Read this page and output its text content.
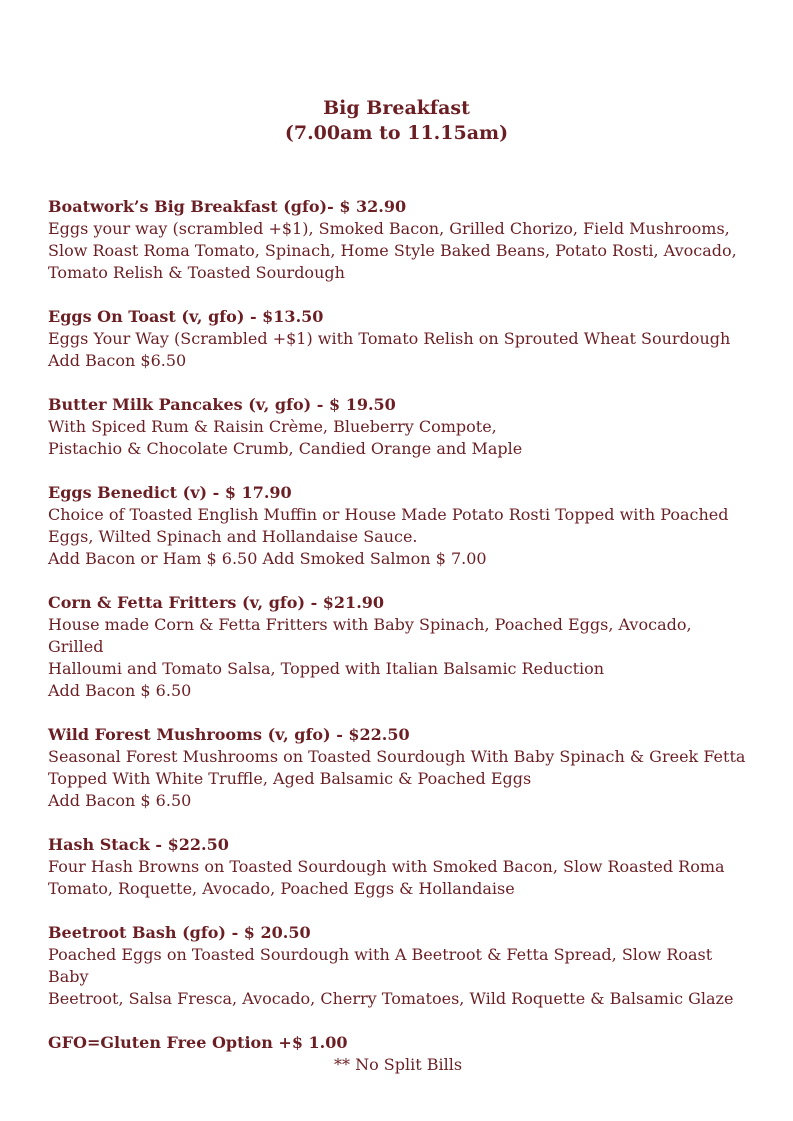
Big Breakfast
(7.00am to 11.15am)
Boatwork’s Big Breakfast (gfo)- $ 32.90
Eggs your way (scrambled +$1), Smoked Bacon, Grilled Chorizo, Field Mushrooms,
Slow Roast Roma Tomato, Spinach, Home Style Baked Beans, Potato Rosti, Avocado,
Tomato Relish & Toasted Sourdough
Eggs On Toast (v, gfo) - $13.50
Eggs Your Way (Scrambled +$1) with Tomato Relish on Sprouted Wheat Sourdough
Add Bacon $6.50
Butter Milk Pancakes (v, gfo) - $ 19.50
With Spiced Rum & Raisin Crème, Blueberry Compote,
Pistachio & Chocolate Crumb, Candied Orange and Maple
Eggs Benedict (v) - $ 17.90
Choice of Toasted English Muffin or House Made Potato Rosti Topped with Poached
Eggs, Wilted Spinach and Hollandaise Sauce.
Add Bacon or Ham $ 6.50 Add Smoked Salmon $ 7.00
Corn & Fetta Fritters (v, gfo) - $21.90
House made Corn & Fetta Fritters with Baby Spinach, Poached Eggs, Avocado, Grilled
Halloumi and Tomato Salsa, Topped with Italian Balsamic Reduction
Add Bacon $ 6.50
Wild Forest Mushrooms (v, gfo) - $22.50
Seasonal Forest Mushrooms on Toasted Sourdough With Baby Spinach & Greek Fetta
Topped With White Truffle, Aged Balsamic & Poached Eggs
Add Bacon $ 6.50
Hash Stack - $22.50
Four Hash Browns on Toasted Sourdough with Smoked Bacon, Slow Roasted Roma
Tomato, Roquette, Avocado, Poached Eggs & Hollandaise
Beetroot Bash (gfo) - $ 20.50
Poached Eggs on Toasted Sourdough with A Beetroot & Fetta Spread, Slow Roast Baby
Beetroot, Salsa Fresca, Avocado, Cherry Tomatoes, Wild Roquette & Balsamic Glaze
GFO=Gluten Free Option +$ 1.00
** No Split Bills
